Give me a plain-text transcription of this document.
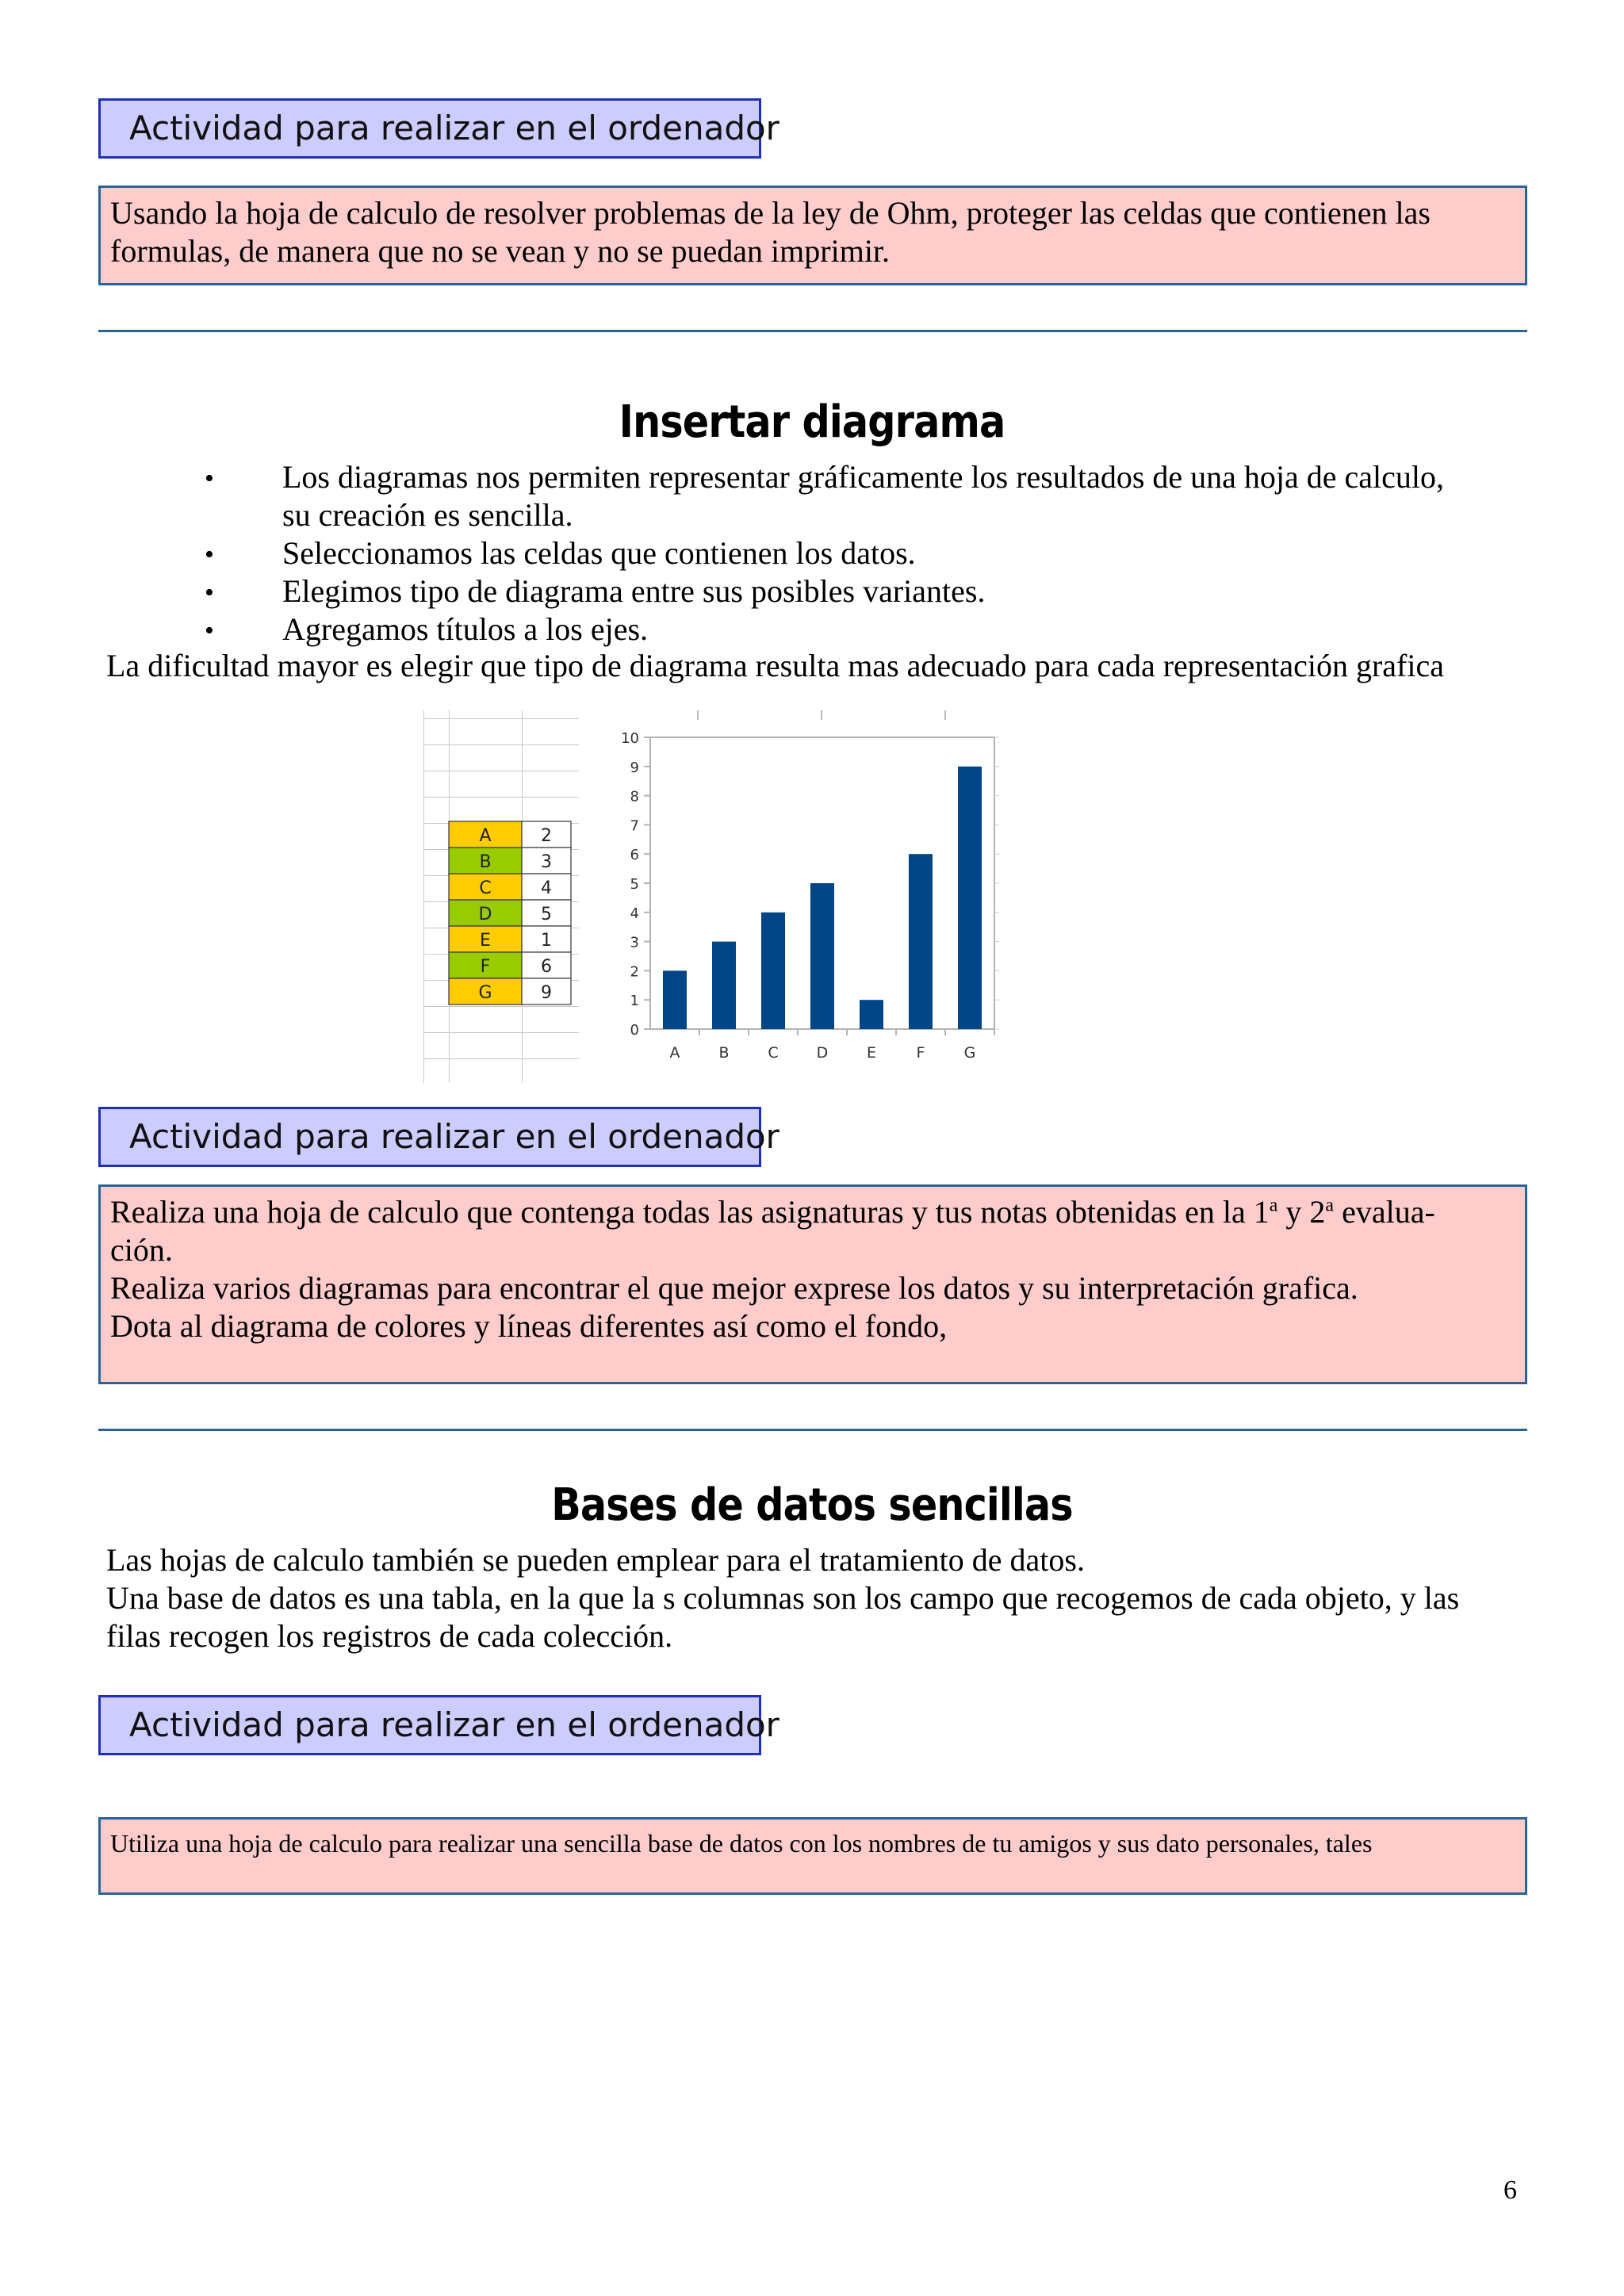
Actividad para realizar en el ordenador
Usando la hoja de calculo de resolver problemas de la ley de Ohm, proteger las celdas que contienen las
formulas, de manera que no se vean y no se puedan imprimir.
Insertar diagrama
• Los diagramas nos permiten representar gráficamente los resultados de una hoja de calculo,
su creación es sencilla.
• Seleccionamos las celdas que contienen los datos.
• Elegimos tipo de diagrama entre sus posibles variantes.
• Agregamos títulos a los ejes.
La dificultad mayor es elegir que tipo de diagrama resulta mas adecuado para cada representación grafica
A	2
B	3
C	4
D	5
E	1
F	6
G	9
0
1
2
3
4
5
6
7
8
9
10
A	B	C	D	E	F	G
Actividad para realizar en el ordenador
Realiza una hoja de calculo que contenga todas las asignaturas y tus notas obtenidas en la 1$^a$ y 2$^a$ evalua-
ción.
Realiza varios diagramas para encontrar el que mejor exprese los datos y su interpretación grafica.
Dota al diagrama de colores y líneas diferentes así como el fondo,
Bases de datos sencillas
Las hojas de calculo también se pueden emplear para el tratamiento de datos.
Una base de datos es una tabla, en la que la s columnas son los campo que recogemos de cada objeto, y las
filas recogen los registros de cada colección.
Actividad para realizar en el ordenador
Utiliza una hoja de calculo para realizar una sencilla base de datos con los nombres de tu amigos y sus dato personales, tales
6
